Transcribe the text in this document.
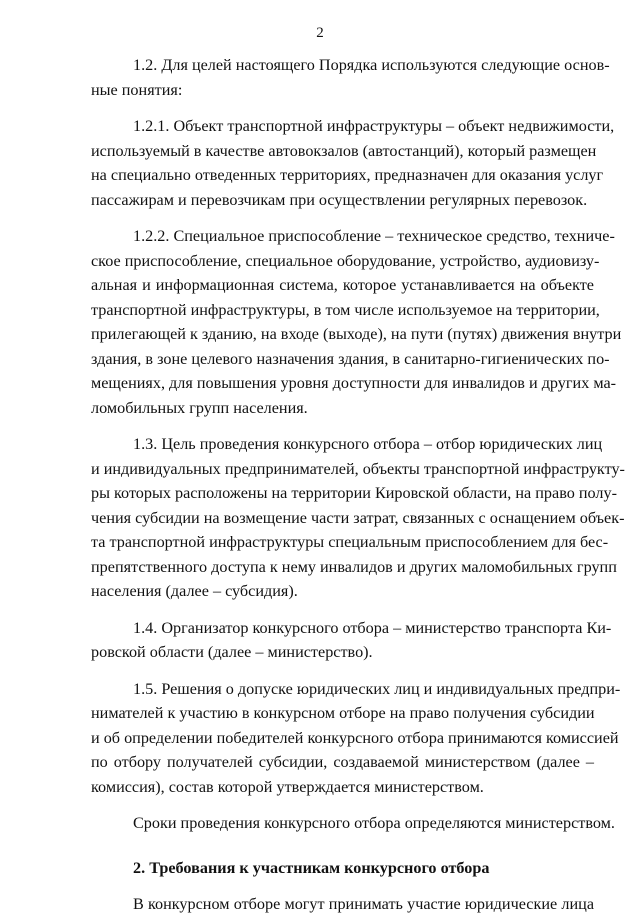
2
1.2. Для целей настоящего Порядка используются следующие основ-
ные понятия:
1.2.1. Объект транспортной инфраструктуры – объект недвижимости,
используемый в качестве автовокзалов (автостанций), который размещен
на специально отведенных территориях, предназначен для оказания услуг
пассажирам и перевозчикам при осуществлении регулярных перевозок.
1.2.2. Специальное приспособление – техническое средство, техниче-
ское приспособление, специальное оборудование, устройство, аудиовизу-
альная и информационная система, которое устанавливается на объекте
транспортной инфраструктуры, в том числе используемое на территории,
прилегающей к зданию, на входе (выходе), на пути (путях) движения внутри
здания, в зоне целевого назначения здания, в санитарно-гигиенических по-
мещениях, для повышения уровня доступности для инвалидов и других ма-
ломобильных групп населения.
1.3. Цель проведения конкурсного отбора – отбор юридических лиц
и индивидуальных предпринимателей, объекты транспортной инфраструкту-
ры которых расположены на территории Кировской области, на право полу-
чения субсидии на возмещение части затрат, связанных с оснащением объек-
та транспортной инфраструктуры специальным приспособлением для бес-
препятственного доступа к нему инвалидов и других маломобильных групп
населения (далее – субсидия).
1.4. Организатор конкурсного отбора – министерство транспорта Ки-
ровской области (далее – министерство).
1.5. Решения о допуске юридических лиц и индивидуальных предпри-
нимателей к участию в конкурсном отборе на право получения субсидии
и об определении победителей конкурсного отбора принимаются комиссией
по отбору получателей субсидии, создаваемой министерством (далее –
комиссия), состав которой утверждается министерством.
Сроки проведения конкурсного отбора определяются министерством.
2. Требования к участникам конкурсного отбора
В конкурсном отборе могут принимать участие юридические лица
